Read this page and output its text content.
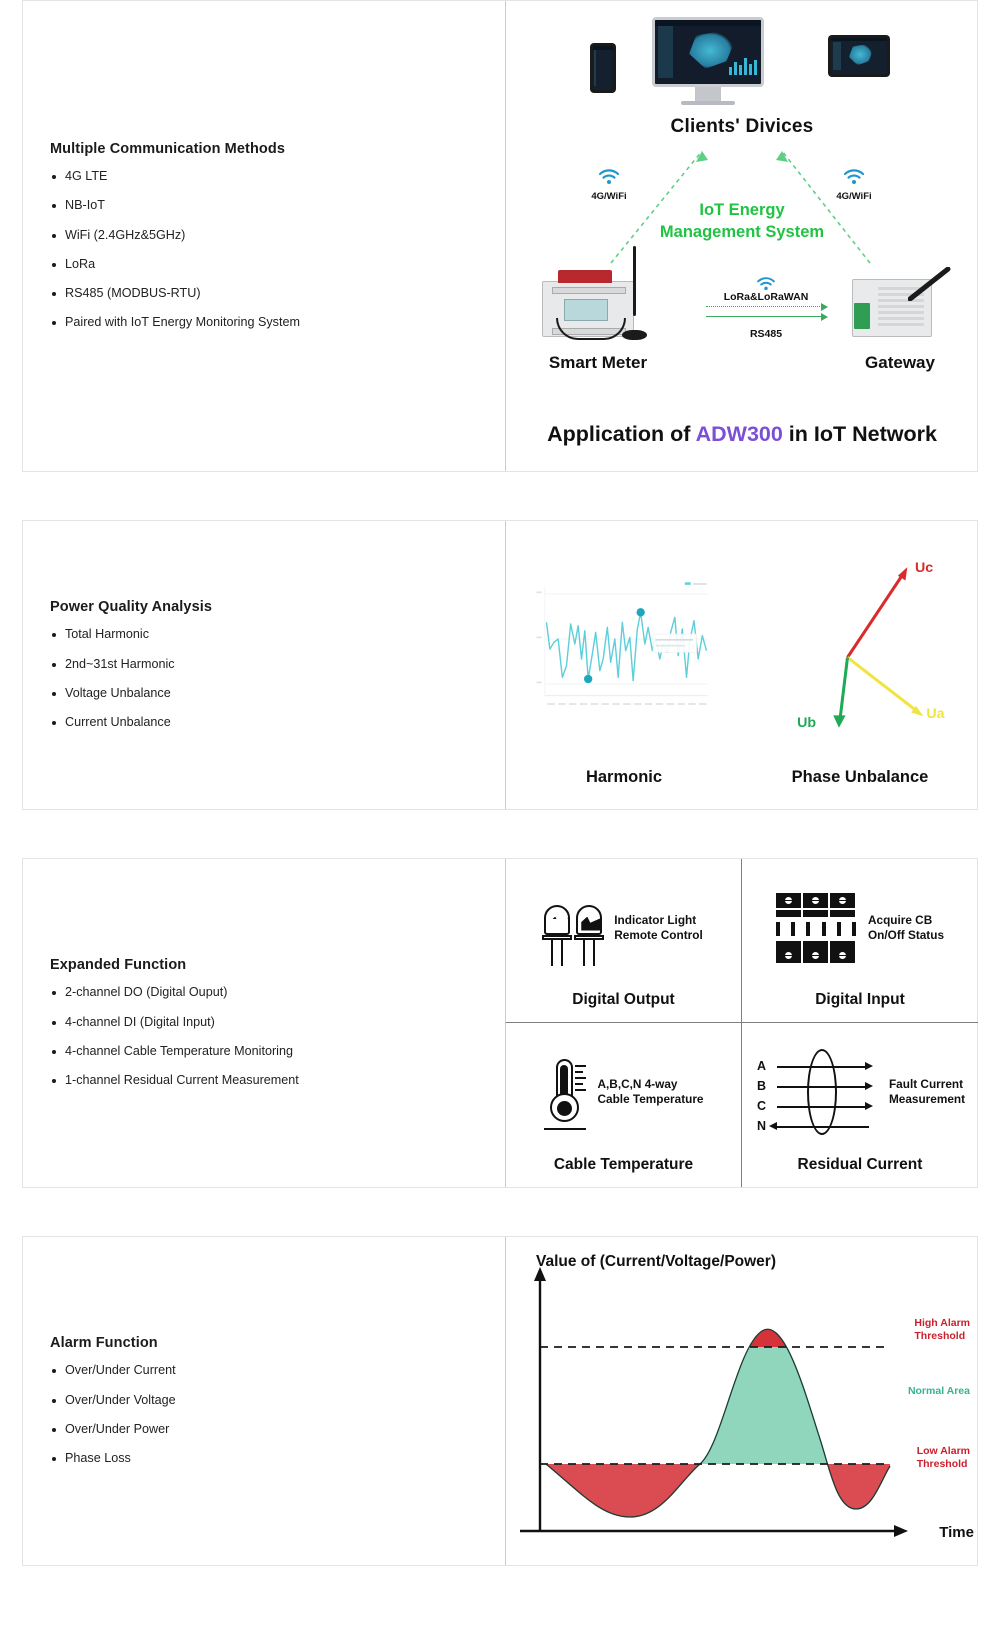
Multiple Communication Methods
4G LTE
NB-IoT
WiFi (2.4GHz&5GHz)
LoRa
RS485 (MODBUS-RTU)
Paired with IoT Energy Monitoring System
Clients' Divices
4G/WiFi	4G/WiFi
IoT Energy
Management System
Smart Meter
LoRa&LoRaWAN
RS485
Gateway
Application of ADW300 in IoT Network
Power Quality Analysis
Total Harmonic
2nd~31st Harmonic
Voltage Unbalance
Current Unbalance
Harmonic
Uc
Ua
Ub
Phase Unbalance
Expanded Function
2-channel DO (Digital Ouput)
4-channel DI (Digital Input)
4-channel Cable Temperature Monitoring
1-channel Residual Current Measurement
Indicator Light
Remote Control
Digital Output
Acquire CB
On/Off Status
Digital Input
A,B,C,N 4-way
Cable Temperature
Cable Temperature
A
B
C
N
Fault Current
Measurement
Residual Current
Alarm Function
Over/Under Current
Over/Under Voltage
Over/Under Power
Phase Loss
Value of (Current/Voltage/Power)
High Alarm
Threshold
Normal Area
Low Alarm
Threshold
Time
